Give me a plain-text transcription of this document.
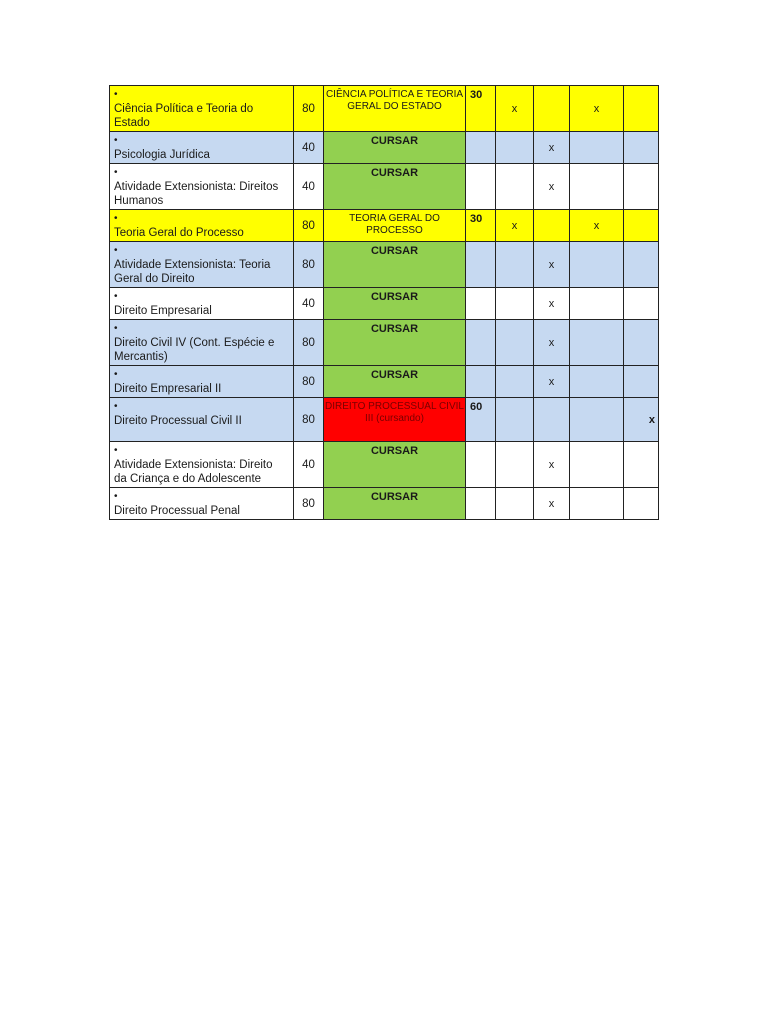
•Ciência Política e Teoria do Estado	80	CIÊNCIA POLÍTICA E TEORIA GERAL DO ESTADO	30	x		x	
•Psicologia Jurídica	40	CURSAR			x		
•Atividade Extensionista: Direitos Humanos	40	CURSAR			x		
•Teoria Geral do Processo	80	TEORIA GERAL DO PROCESSO	30	x		x	
•Atividade Extensionista: Teoria Geral do Direito	80	CURSAR			x		
•Direito Empresarial	40	CURSAR			x		
•Direito Civil IV (Cont. Espécie e Mercantis)	80	CURSAR			x		
•Direito Empresarial II	80	CURSAR			x		
•Direito Processual Civil II	80	DIREITO PROCESSUAL CIVIL III (cursando)	60				x
•Atividade Extensionista: Direito da Criança e do Adolescente	40	CURSAR			x		
•Direito Processual Penal	80	CURSAR			x		
